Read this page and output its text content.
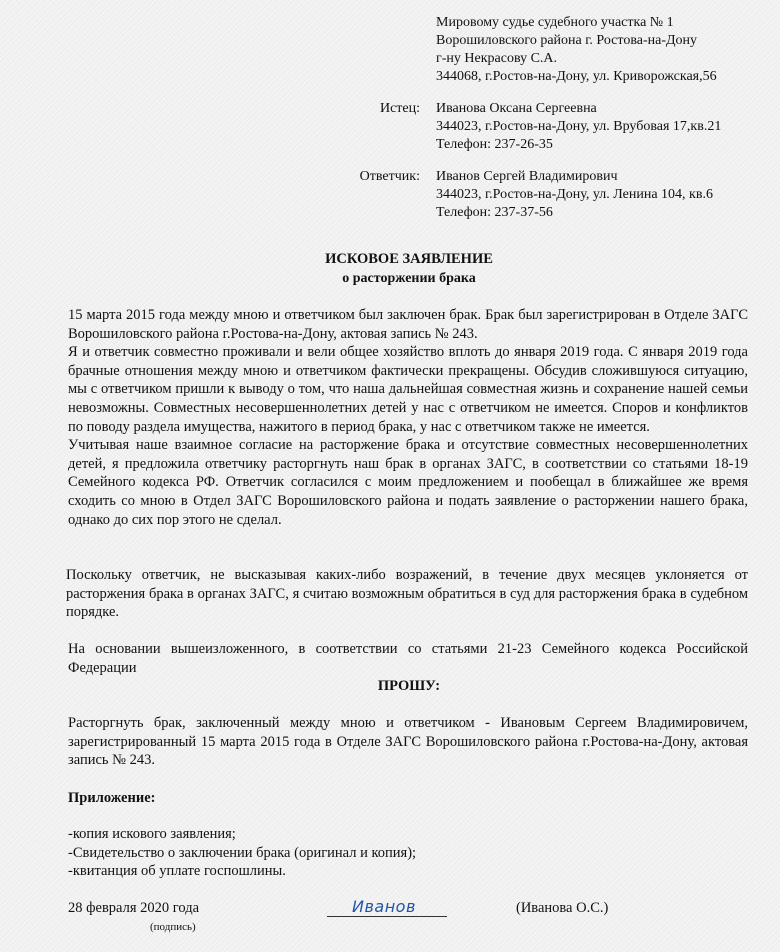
Мировому судье судебного участка № 1
Ворошиловского района г. Ростова-на-Дону
г-ну Некрасову С.А.
344068, г.Ростов-на-Дону, ул. Криворожская,56
Истец: Иванова Оксана Сергеевна
344023, г.Ростов-на-Дону, ул. Врубовая 17,кв.21
Телефон: 237-26-35
Ответчик: Иванов Сергей Владимирович
344023, г.Ростов-на-Дону, ул. Ленина 104, кв.6
Телефон: 237-37-56
ИСКОВОЕ ЗАЯВЛЕНИЕ
о расторжении брака

15 марта 2015 года между мною и ответчиком был заключен брак. Брак был зарегистрирован в Отделе ЗАГС Ворошиловского района г.Ростова-на-Дону, актовая запись № 243.

Я и ответчик совместно проживали и вели общее хозяйство вплоть до января 2019 года. С января 2019 года брачные отношения между мною и ответчиком фактически прекращены. Обсудив сложившуюся ситуацию, мы с ответчиком пришли к выводу о том, что наша дальнейшая совместная жизнь и сохранение нашей семьи невозможны. Совместных несовершеннолетних детей у нас с ответчиком не имеется. Споров и конфликтов по поводу раздела имущества, нажитого в период брака, у нас с ответчиком также не имеется.

Учитывая наше взаимное согласие на расторжение брака и отсутствие совместных несовершеннолетних детей, я предложила ответчику расторгнуть наш брак в органах ЗАГС, в соответствии со статьями 18-19 Семейного кодекса РФ. Ответчик согласился с моим предложением и пообещал в ближайшее же время сходить со мною в Отдел ЗАГС Ворошиловского района и подать заявление о расторжении нашего брака, однако до сих пор этого не сделал.

Поскольку ответчик, не высказывая каких-либо возражений, в течение двух месяцев уклоняется от расторжения брака в органах ЗАГС, я считаю возможным обратиться в суд для расторжения брака в судебном порядке.
На основании вышеизложенного, в соответствии со статьями 21-23 Семейного кодекса Российской Федерации
ПРОШУ:
Расторгнуть брак, заключенный между мною и ответчиком - Ивановым Сергеем Владимировичем, зарегистрированный 15 марта 2015 года в Отделе ЗАГС Ворошиловского района г.Ростова-на-Дону, актовая запись № 243.
Приложение:
-копия искового заявления;
-Свидетельство о заключении брака (оригинал и копия);
-квитанция об уплате госпошлины.
28 февраля 2020 года	Иванов
(подпись)
(Иванова О.С.)
